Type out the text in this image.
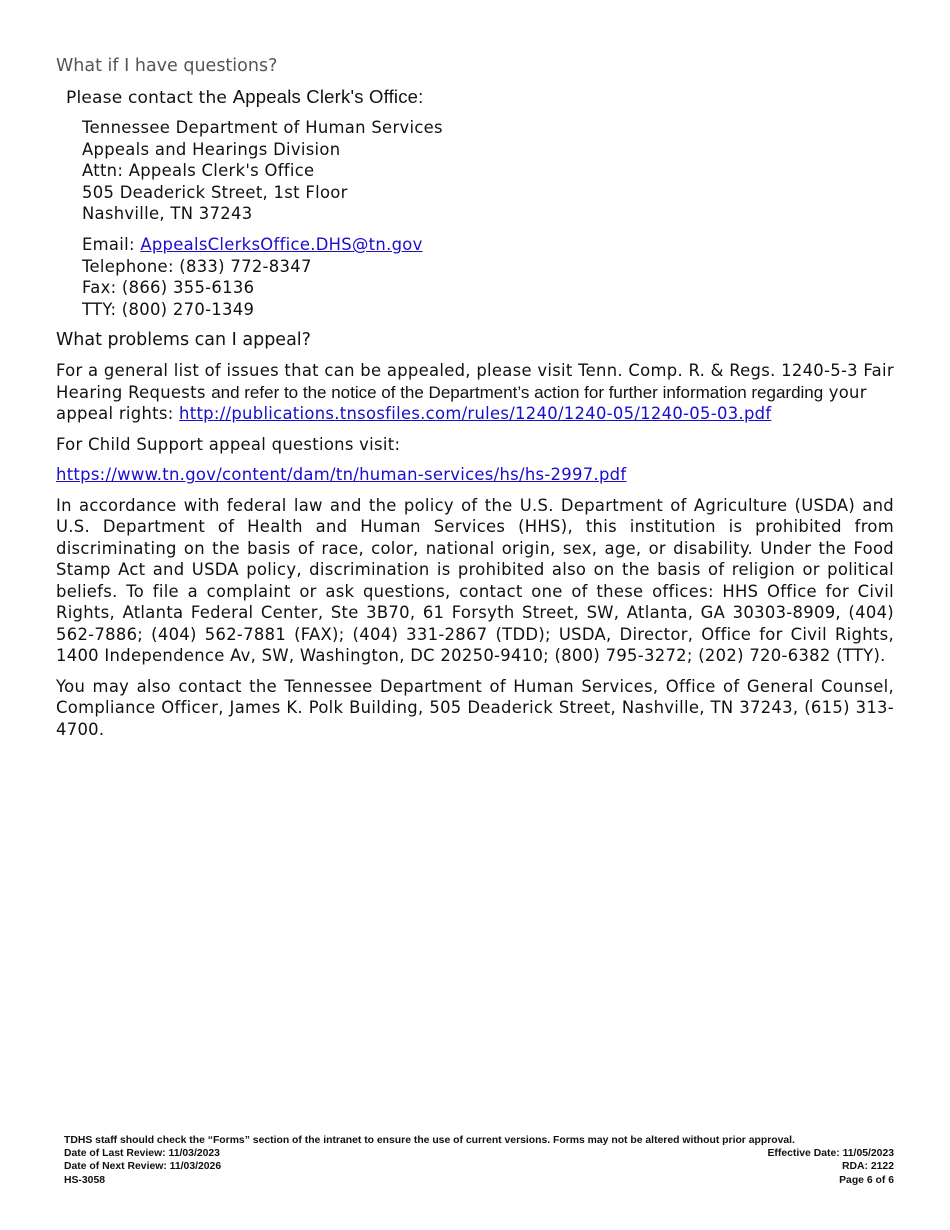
What if I have questions?
Please contact the Appeals Clerk's Office:
Tennessee Department of Human Services
Appeals and Hearings Division
Attn: Appeals Clerk's Office
505 Deaderick Street, 1st Floor
Nashville, TN 37243
Email: AppealsClerksOffice.DHS@tn.gov
Telephone: (833) 772-8347
Fax: (866) 355-6136
TTY: (800) 270-1349
What problems can I appeal?

For a general list of issues that can be appealed, please visit Tenn. Comp. R. & Regs. 1240-5-3 Fair Hearing Requests and refer to the notice of the Department’s action for further information regarding your appeal rights: http://publications.tnsosfiles.com/rules/1240/1240-05/1240-05-03.pdf

For Child Support appeal questions visit:

https://www.tn.gov/content/dam/tn/human-services/hs/hs-2997.pdf

In accordance with federal law and the policy of the U.S. Department of Agriculture (USDA) and U.S. Department of Health and Human Services (HHS), this institution is prohibited from discriminating on the basis of race, color, national origin, sex, age, or disability. Under the Food Stamp Act and USDA policy, discrimination is prohibited also on the basis of religion or political beliefs. To file a complaint or ask questions, contact one of these offices: HHS Office for Civil Rights, Atlanta Federal Center, Ste 3B70, 61 Forsyth Street, SW, Atlanta, GA 30303-8909, (404) 562-7886; (404) 562-7881 (FAX); (404) 331-2867 (TDD); USDA, Director, Office for Civil Rights, 1400 Independence Av, SW, Washington, DC 20250-9410; (800) 795-3272; (202) 720-6382 (TTY).

You may also contact the Tennessee Department of Human Services, Office of General Counsel, Compliance Officer, James K. Polk Building, 505 Deaderick Street, Nashville, TN 37243, (615) 313-4700.

TDHS staff should check the “Forms” section of the intranet to ensure the use of current versions. Forms may not be altered without prior approval.
Date of Last Review: 11/03/2023	Effective Date: 11/05/2023
Date of Next Review: 11/03/2026	RDA: 2122
HS-3058	Page 6 of 6
